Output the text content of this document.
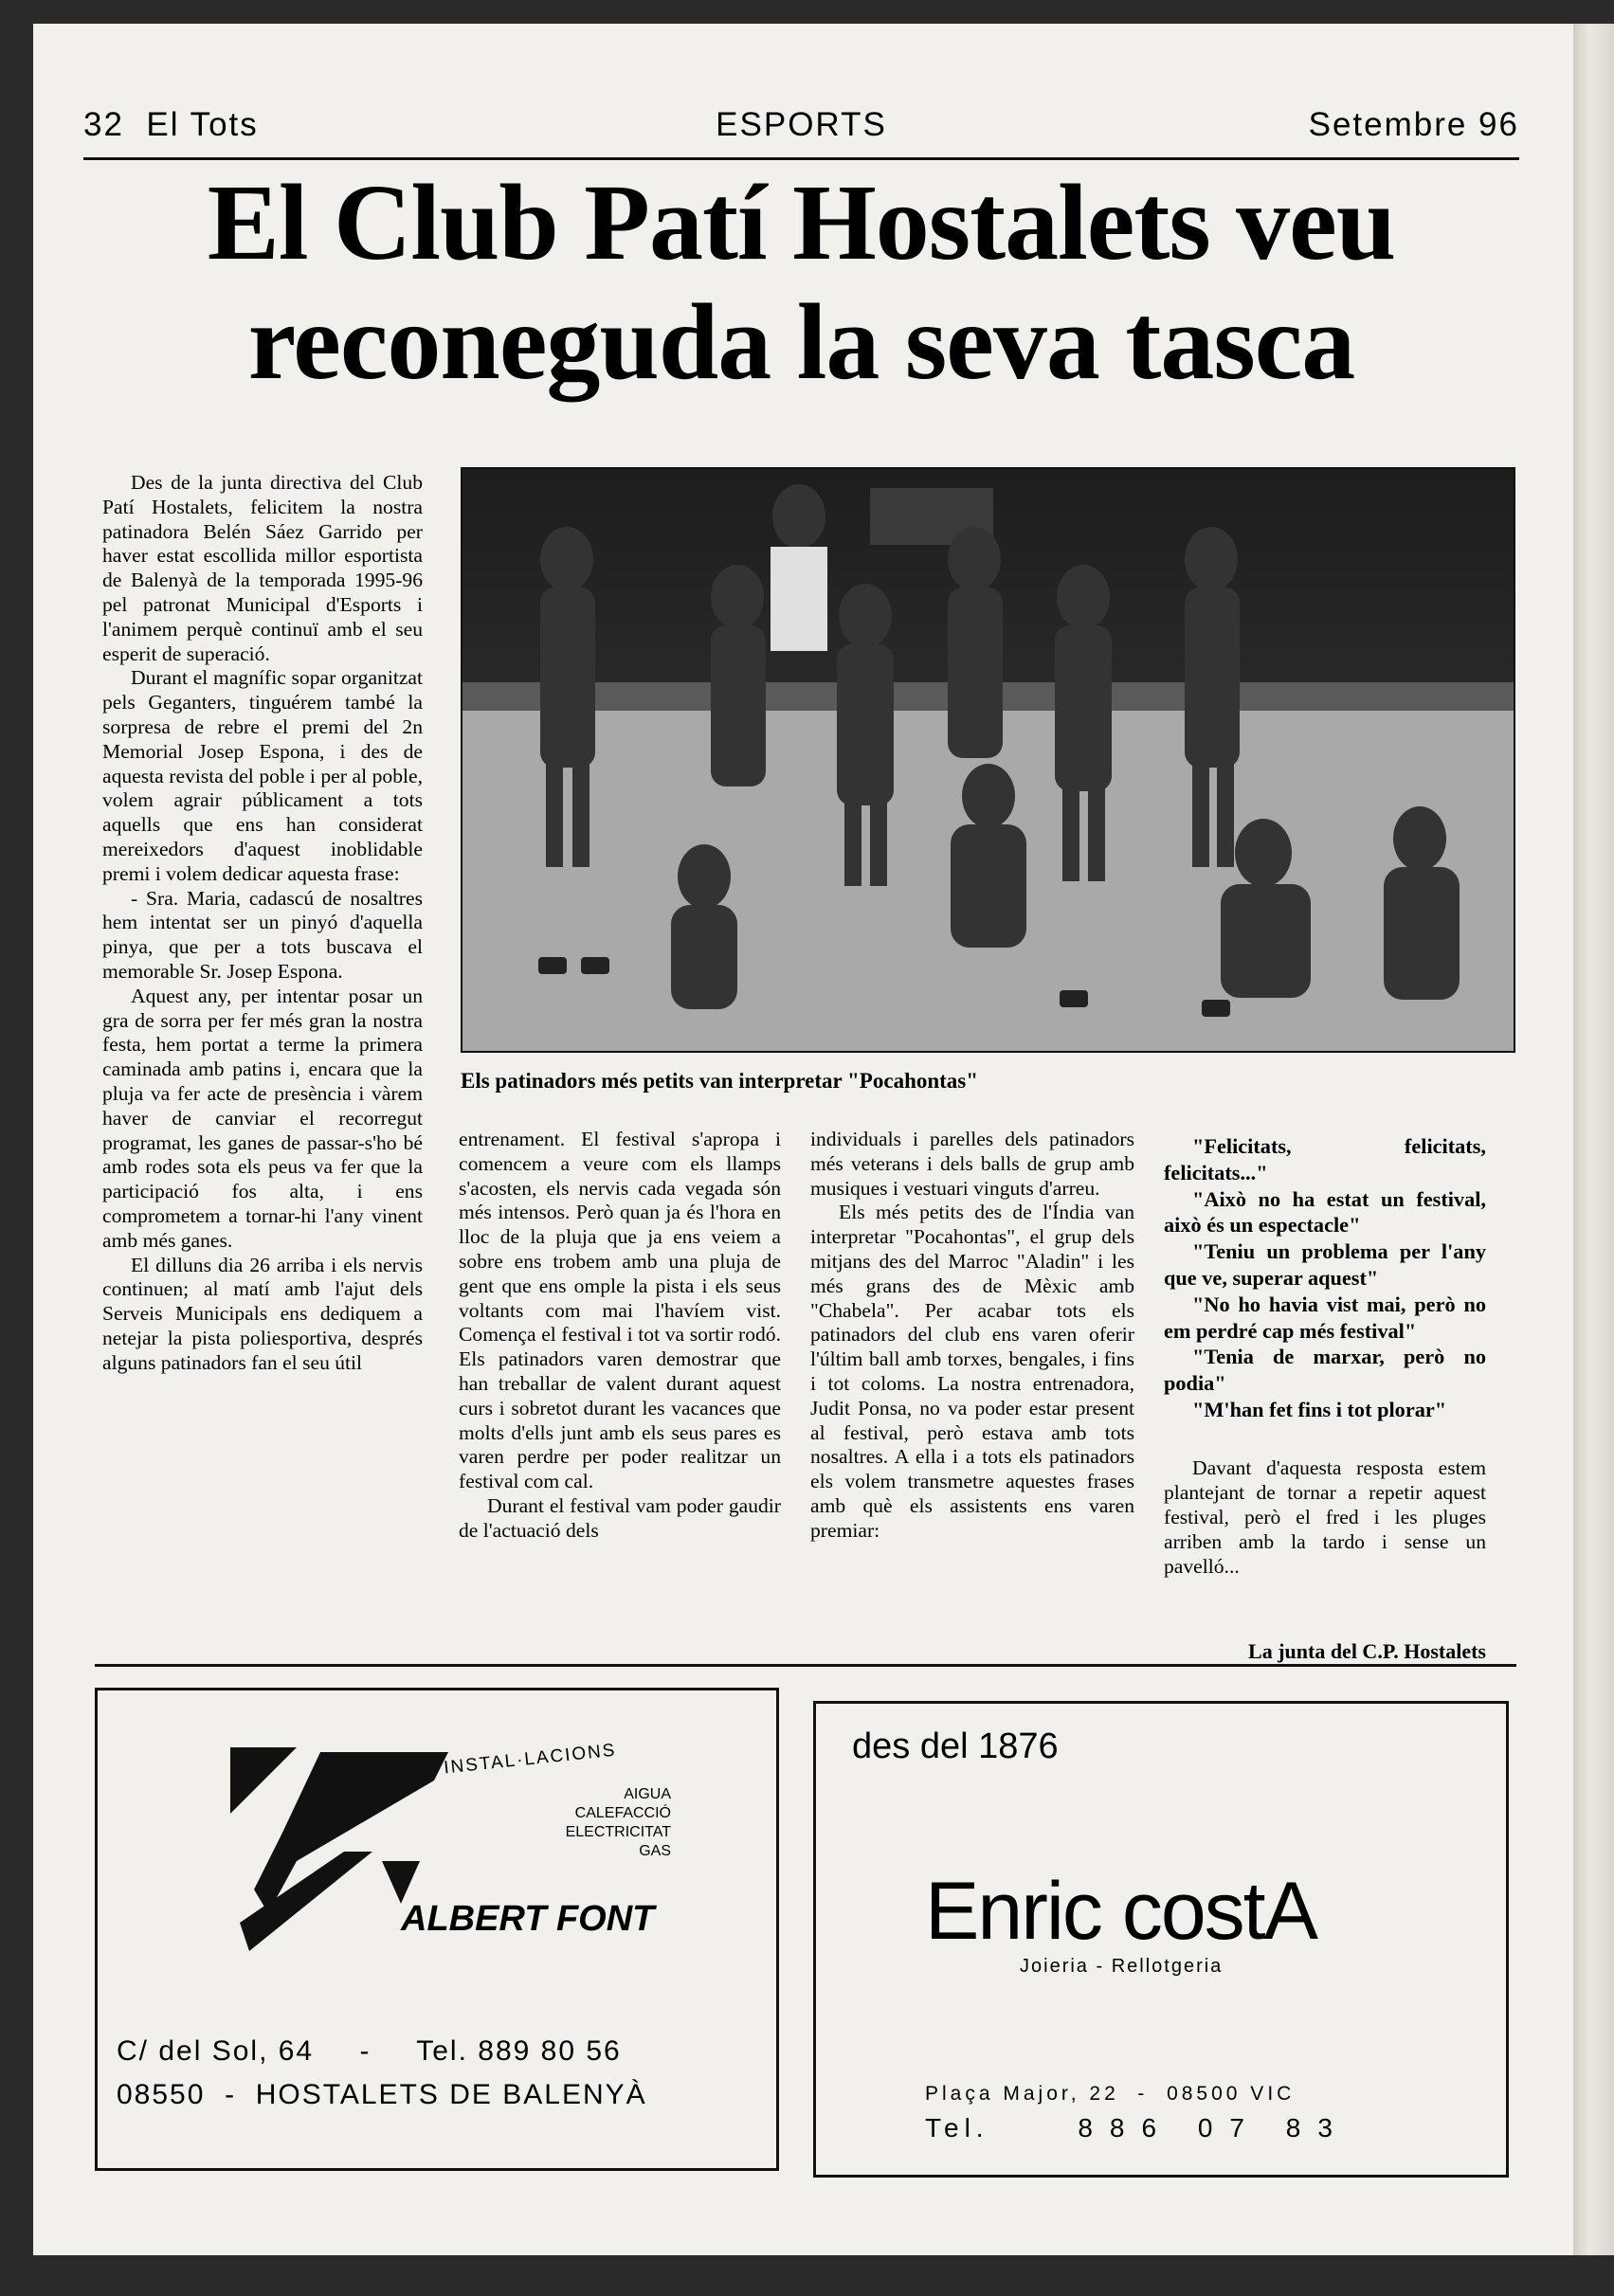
32  El Tots	ESPORTS	Setembre 96
El Club Patí Hostalets veu
reconeguda la seva tasca

Des de la junta directiva del Club Patí Hostalets, felicitem la nostra patinadora Belén Sáez Garrido per haver estat escollida millor esportista de Balenyà de la temporada 1995-96 pel patronat Municipal d'Esports i l'animem perquè continuï amb el seu esperit de superació.

Durant el magnífic sopar organitzat pels Geganters, tinguérem també la sorpresa de rebre el premi del 2n Memorial Josep Espona, i des de aquesta revista del poble i per al poble, volem agrair públicament a tots aquells que ens han considerat mereixedors d'aquest inoblidable premi i volem dedicar aquesta frase:

- Sra. Maria, cadascú de nosaltres hem intentat ser un pinyó d'aquella pinya, que per a tots buscava el memorable Sr. Josep Espona.

Aquest any, per intentar posar un gra de sorra per fer més gran la nostra festa, hem portat a terme la primera caminada amb patins i, encara que la pluja va fer acte de presència i vàrem haver de canviar el recorregut programat, les ganes de passar-s'ho bé amb rodes sota els peus va fer que la participació fos alta, i ens comprometem a tornar-hi l'any vinent amb més ganes.

El dilluns dia 26 arriba i els nervis continuen; al matí amb l'ajut dels Serveis Municipals ens dediquem a netejar la pista poliesportiva, després alguns patinadors fan el seu útil

Els patinadors més petits van interpretar "Pocahontas"

entrenament. El festival s'apropa i comencem a veure com els llamps s'acosten, els nervis cada vegada són més intensos. Però quan ja és l'hora en lloc de la pluja que ja ens veiem a sobre ens trobem amb una pluja de gent que ens omple la pista i els seus voltants com mai l'havíem vist. Comença el festival i tot va sortir rodó. Els patinadors varen demostrar que han treballar de valent durant aquest curs i sobretot durant les vacances que molts d'ells junt amb els seus pares es varen perdre per poder realitzar un festival com cal.

Durant el festival vam poder gaudir de l'actuació dels

individuals i parelles dels patinadors més veterans i dels balls de grup amb musiques i vestuari vinguts d'arreu.

Els més petits des de l'Índia van interpretar "Pocahontas", el grup dels mitjans des del Marroc "Aladin" i les més grans des de Mèxic amb "Chabela". Per acabar tots els patinadors del club ens varen oferir l'últim ball amb torxes, bengales, i fins i tot coloms. La nostra entrenadora, Judit Ponsa, no va poder estar present al festival, però estava amb tots nosaltres. A ella i a tots els patinadors els volem transmetre aquestes frases amb què els assistents ens varen premiar:

"Felicitats, felicitats, felicitats..."

"Això no ha estat un festival, això és un espectacle"

"Teniu un problema per l'any que ve, superar aquest"

"No ho havia vist mai, però no em perdré cap més festival"

"Tenia de marxar, però no podia"

"M'han fet fins i tot plorar"

Davant d'aquesta resposta estem plantejant de tornar a repetir aquest festival, però el fred i les pluges arriben amb la tardo i sense un pavelló...

La junta del C.P. Hostalets
INSTAL·LACIONS
AIGUA
CALEFACCIÓ
ELECTRICITAT
GAS
ALBERT FONT
C/ del Sol, 64 - Tel. 889 80 56
08550  -  HOSTALETS DE BALENYÀ
des del 1876
Enric costA
Joieria - Rellotgeria
Plaça Major, 22  -  08500 VIC
Tel.	886 07 83
